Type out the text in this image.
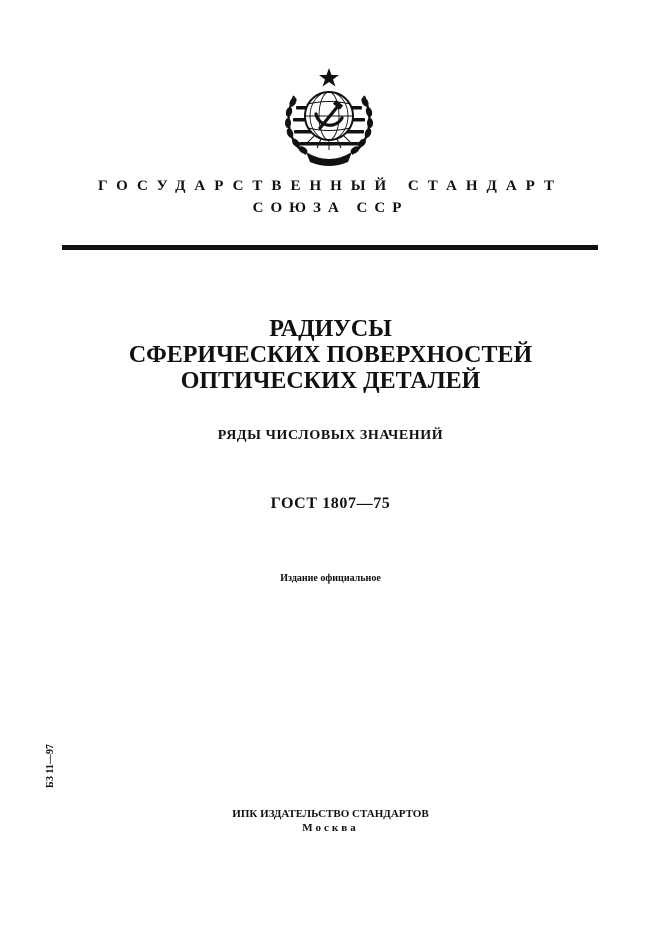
ГОСУДАРСТВЕННЫЙ СТАНДАРТ
СОЮЗА ССР
РАДИУСЫ
СФЕРИЧЕСКИХ ПОВЕРХНОСТЕЙ
ОПТИЧЕСКИХ ДЕТАЛЕЙ
РЯДЫ ЧИСЛОВЫХ ЗНАЧЕНИЙ
ГОСТ 1807—75
Издание официальное
БЗ 11—97
ИПК ИЗДАТЕЛЬСТВО СТАНДАРТОВ
Москва
